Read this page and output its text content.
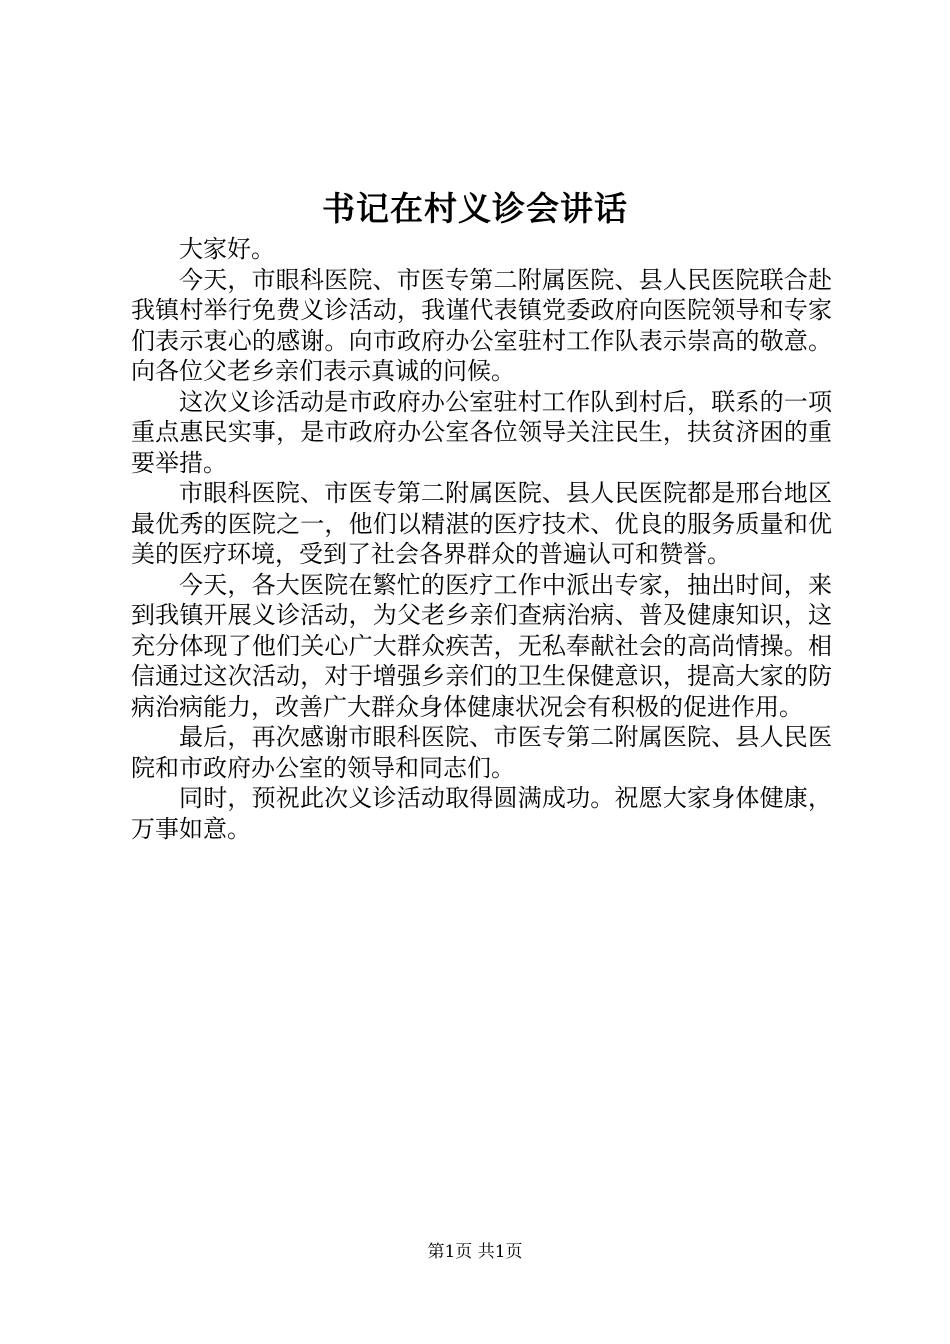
书记在村义诊会讲话

大家好。

今天，市眼科医院、市医专第二附属医院、县人民医院联合赴我镇村举行免费义诊活动，我谨代表镇党委政府向医院领导和专家们表示衷心的感谢。向市政府办公室驻村工作队表示崇高的敬意。向各位父老乡亲们表示真诚的问候。

这次义诊活动是市政府办公室驻村工作队到村后，联系的一项重点惠民实事，是市政府办公室各位领导关注民生，扶贫济困的重要举措。

市眼科医院、市医专第二附属医院、县人民医院都是邢台地区最优秀的医院之一，他们以精湛的医疗技术、优良的服务质量和优美的医疗环境，受到了社会各界群众的普遍认可和赞誉。

今天，各大医院在繁忙的医疗工作中派出专家，抽出时间，来到我镇开展义诊活动，为父老乡亲们查病治病、普及健康知识，这充分体现了他们关心广大群众疾苦，无私奉献社会的高尚情操。相信通过这次活动，对于增强乡亲们的卫生保健意识，提高大家的防病治病能力，改善广大群众身体健康状况会有积极的促进作用。

最后，再次感谢市眼科医院、市医专第二附属医院、县人民医院和市政府办公室的领导和同志们。

同时，预祝此次义诊活动取得圆满成功。祝愿大家身体健康，万事如意。

第1页 共1页
